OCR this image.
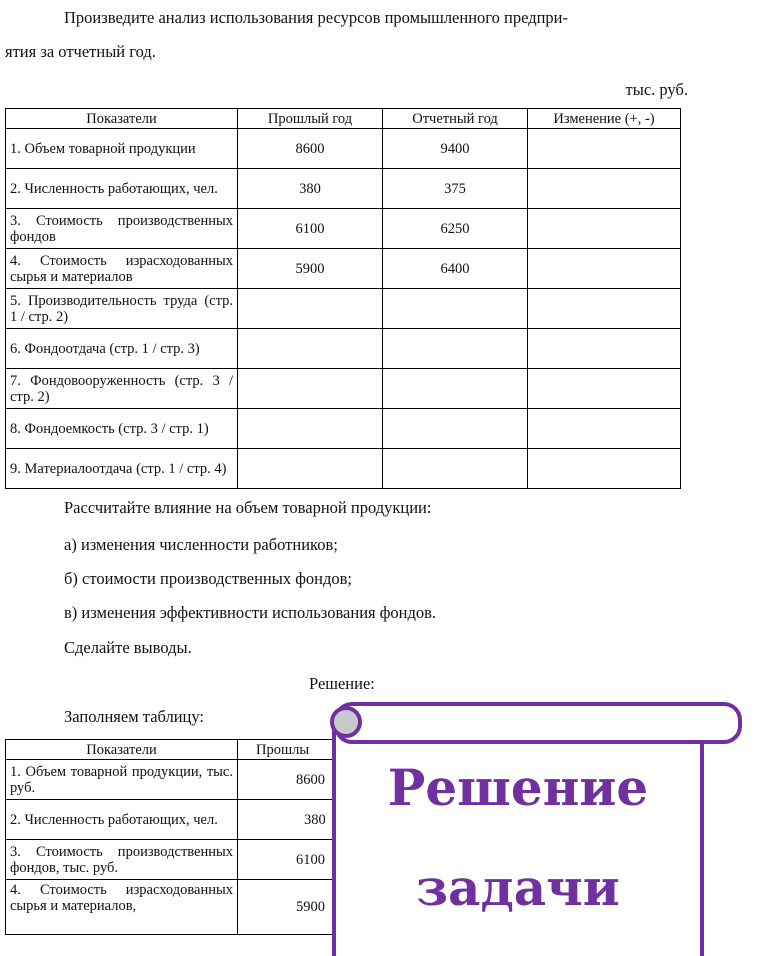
Произведите анализ использования ресурсов промышленного предпри-
ятия за отчетный год.
тыс. руб.
Показатели	Прошлый год	Отчетный год	Изменение (+, -)
1. Объем товарной продукции	8600	9400	
2. Численность работающих, чел.	380	375	
3. Стоимость производственных фондов	6100	6250	
4. Стоимость израсходованных сырья и материалов	5900	6400	
5. Производительность труда (стр. 1 / стр. 2)			
6. Фондоотдача (стр. 1 / стр. 3)			
7. Фондовооруженность (стр. 3 / стр. 2)			
8. Фондоемкость (стр. 3 / стр. 1)			
9. Материалоотдача (стр. 1 / стр. 4)			
Рассчитайте влияние на объем товарной продукции:
а) изменения численности работников;
б) стоимости производственных фондов;
в) изменения эффективности использования фондов.
Сделайте выводы.
Решение:
Заполняем таблицу:
Показатели	Прошлы		
1. Объем товарной продукции, тыс. руб.	8600		
2. Численность работающих, чел.	380		
3. Стоимость производственных фондов, тыс. руб.	6100		
4. Стоимость израсходованных сырья и материалов,	5900		
Решение
задачи
